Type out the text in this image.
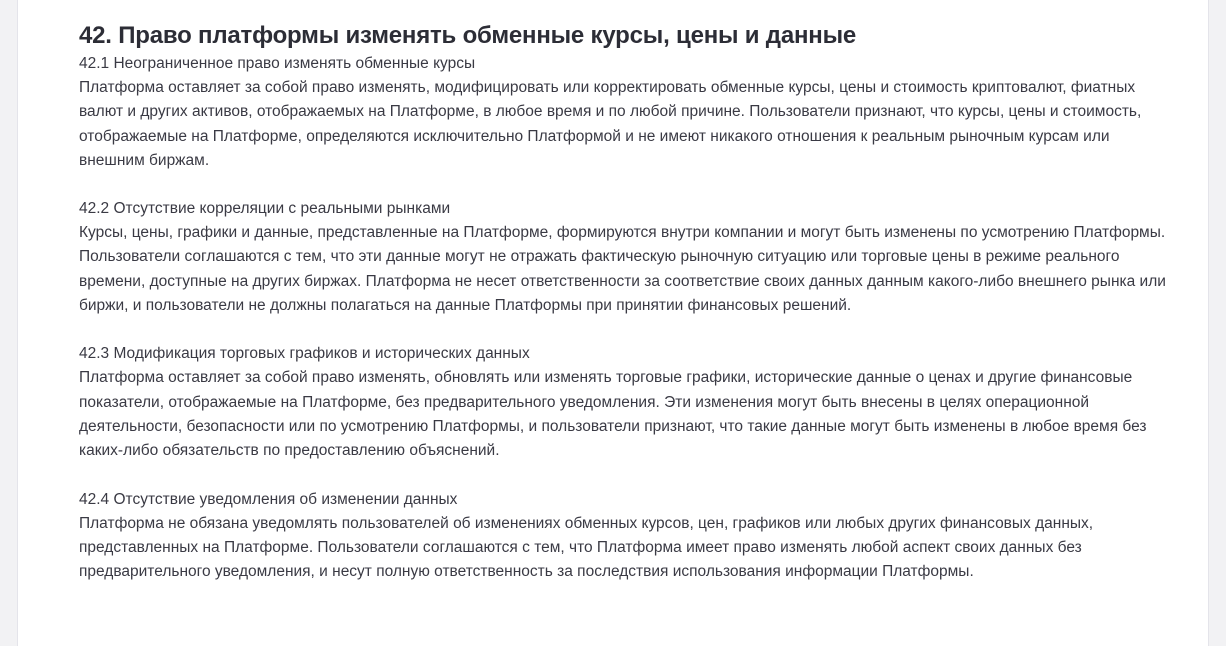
42. Право платформы изменять обменные курсы, цены и данные

42.1 Неограниченное право изменять обменные курсы

Платформа оставляет за собой право изменять, модифицировать или корректировать обменные курсы, цены и стоимость криптовалют, фиатных валют и других активов, отображаемых на Платформе, в любое время и по любой причине. Пользователи признают, что курсы, цены и стоимость, отображаемые на Платформе, определяются исключительно Платформой и не имеют никакого отношения к реальным рыночным курсам или внешним биржам.

42.2 Отсутствие корреляции с реальными рынками

Курсы, цены, графики и данные, представленные на Платформе, формируются внутри компании и могут быть изменены по усмотрению Платформы. Пользователи соглашаются с тем, что эти данные могут не отражать фактическую рыночную ситуацию или торговые цены в режиме реального времени, доступные на других биржах. Платформа не несет ответственности за соответствие своих данных данным какого-либо внешнего рынка или биржи, и пользователи не должны полагаться на данные Платформы при принятии финансовых решений.

42.3 Модификация торговых графиков и исторических данных

Платформа оставляет за собой право изменять, обновлять или изменять торговые графики, исторические данные о ценах и другие финансовые показатели, отображаемые на Платформе, без предварительного уведомления. Эти изменения могут быть внесены в целях операционной деятельности, безопасности или по усмотрению Платформы, и пользователи признают, что такие данные могут быть изменены в любое время без каких-либо обязательств по предоставлению объяснений.

42.4 Отсутствие уведомления об изменении данных

Платформа не обязана уведомлять пользователей об изменениях обменных курсов, цен, графиков или любых других финансовых данных, представленных на Платформе. Пользователи соглашаются с тем, что Платформа имеет право изменять любой аспект своих данных без предварительного уведомления, и несут полную ответственность за последствия использования информации Платформы.
